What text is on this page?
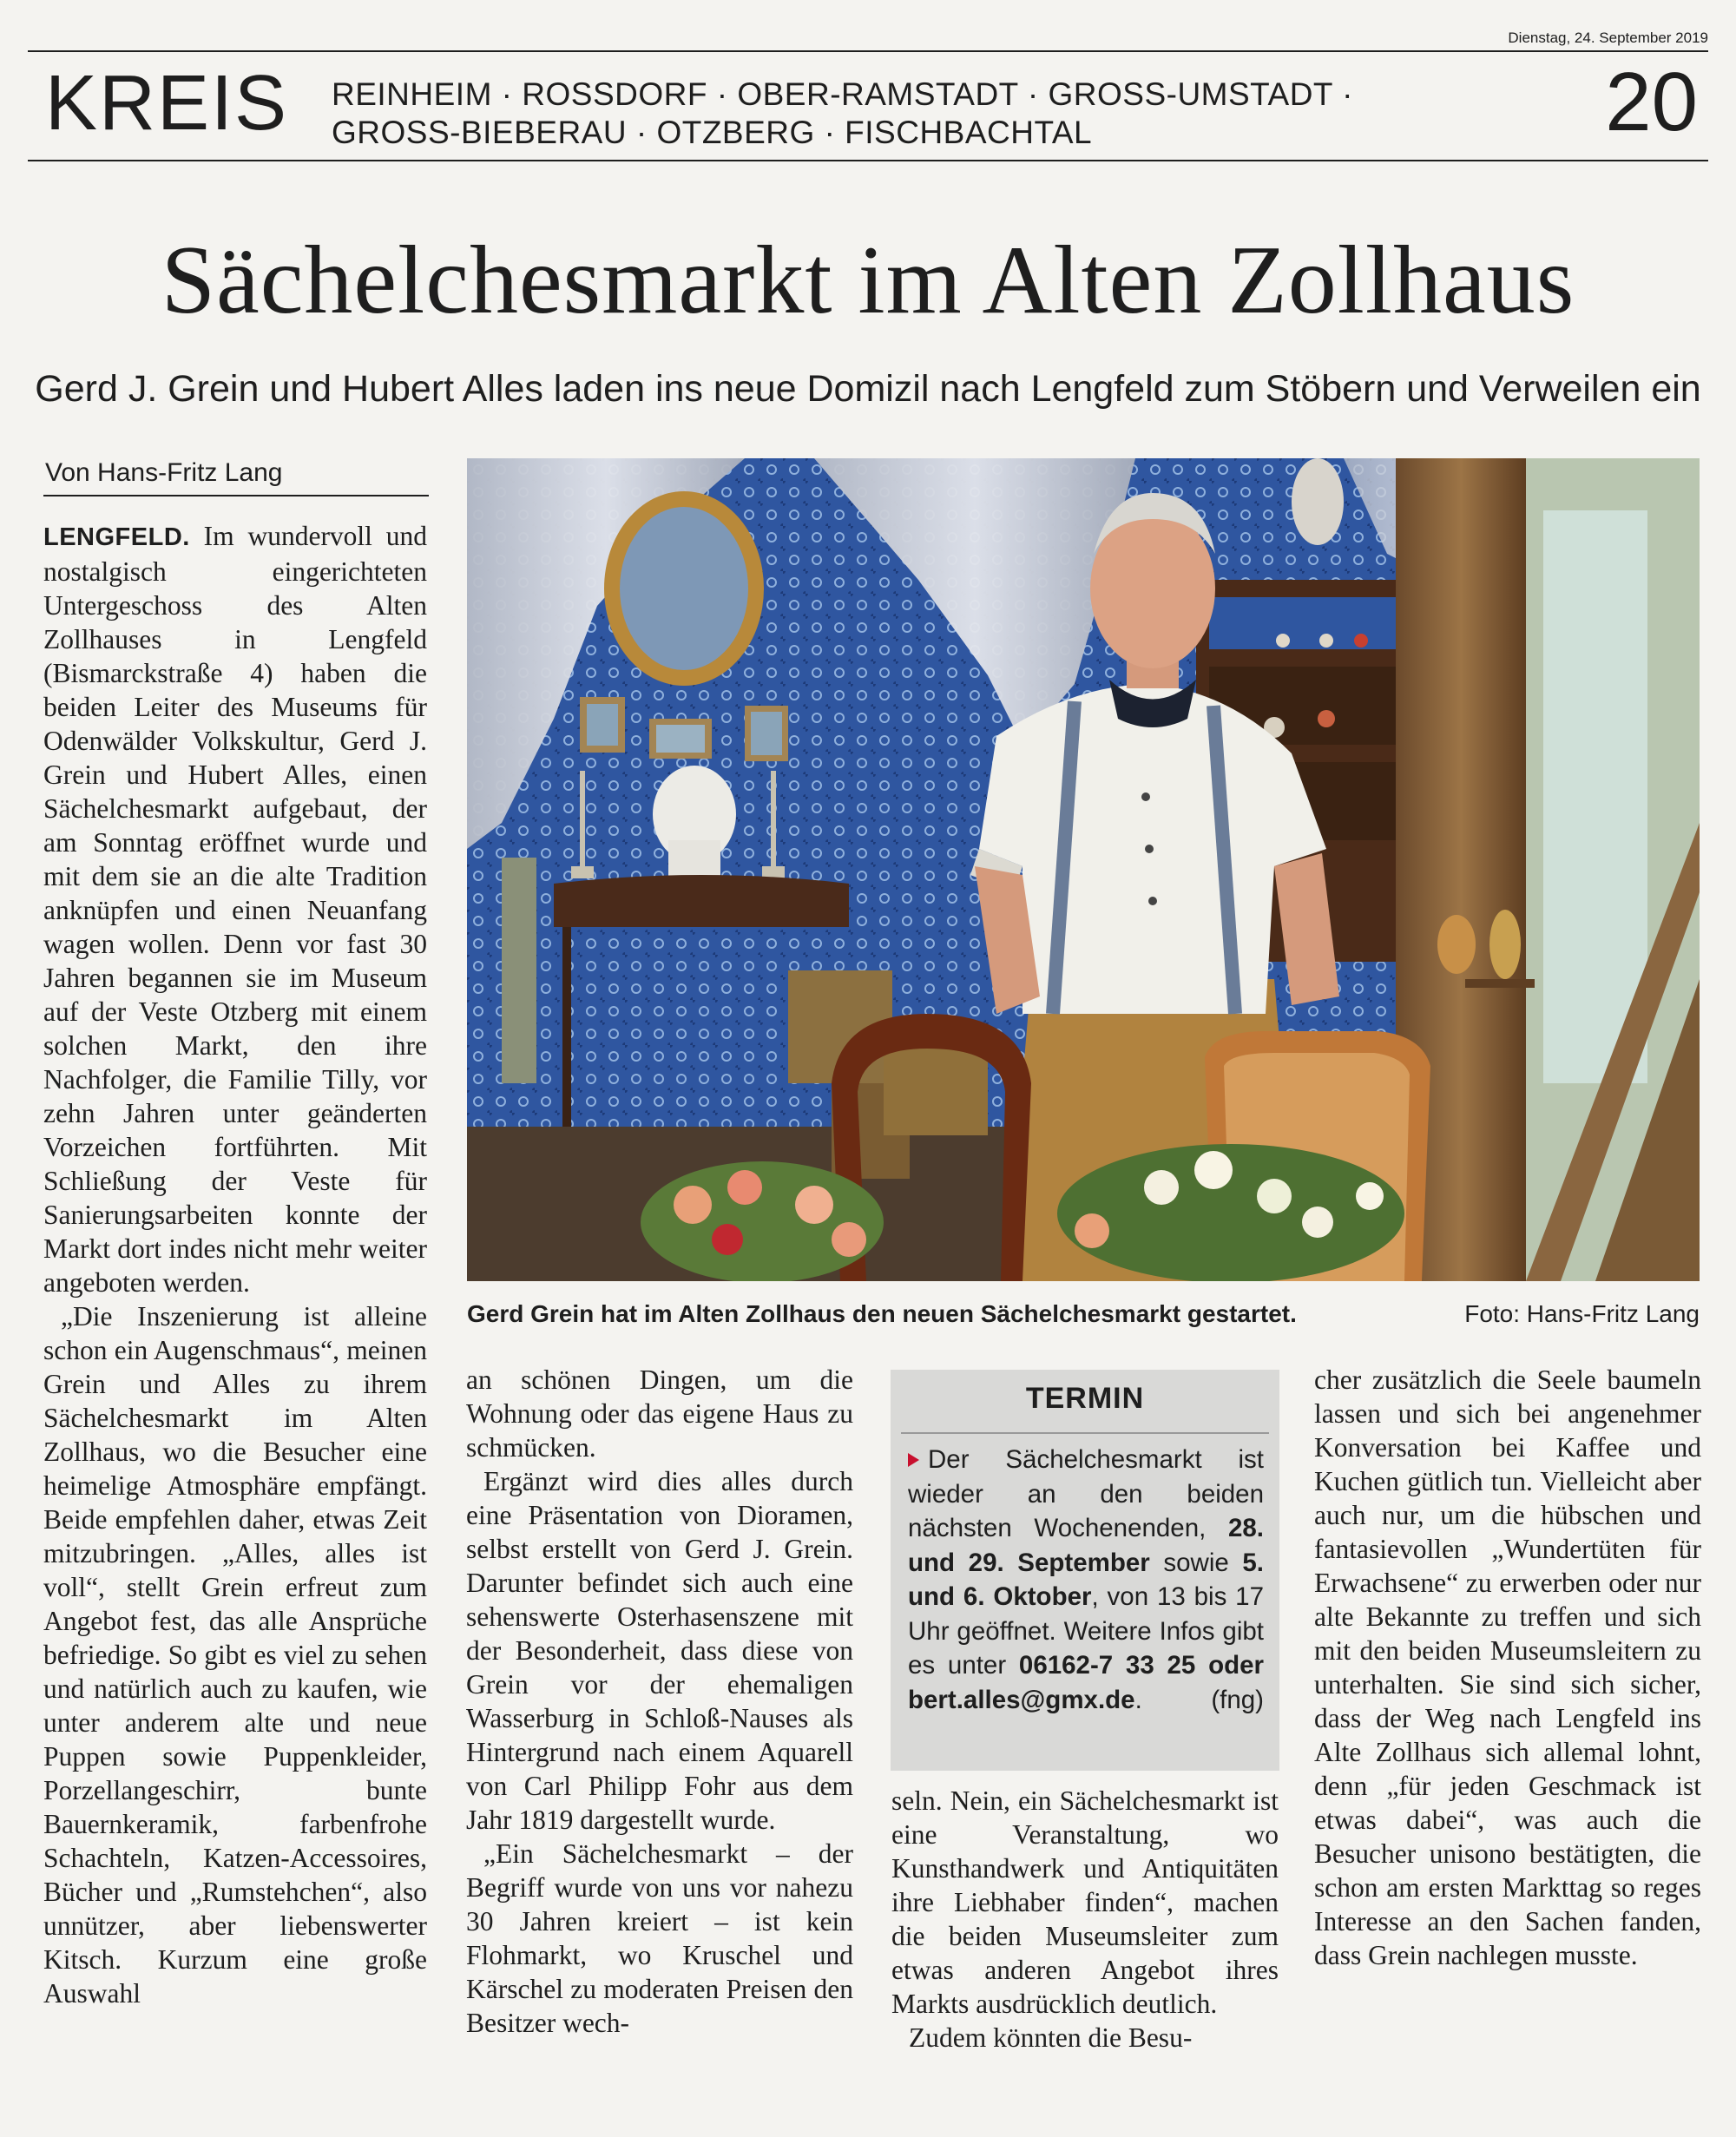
Dienstag, 24. September 2019
KREIS REINHEIM · ROSSDORF · OBER-RAMSTADT · GROSS-UMSTADT ·
GROSS-BIEBERAU · OTZBERG · FISCHBACHTAL	20
Sächelchesmarkt im Alten Zollhaus
Gerd J. Grein und Hubert Alles laden ins neue Domizil nach Lengfeld zum Stöbern und Verweilen ein
Von Hans-Fritz Lang

LENGFELD. Im wundervoll und nostalgisch eingerichteten Untergeschoss des Alten Zollhauses in Lengfeld (Bismarckstraße 4) haben die beiden Leiter des Museums für Odenwälder Volkskultur, Gerd J. Grein und Hubert Alles, einen Sächelchesmarkt aufgebaut, der am Sonntag eröffnet wurde und mit dem sie an die alte Tradition anknüpfen und einen Neuanfang wagen wollen. Denn vor fast 30 Jahren begannen sie im Museum auf der Veste Otzberg mit einem solchen Markt, den ihre Nachfolger, die Familie Tilly, vor zehn Jahren unter geänderten Vorzeichen fortführten. Mit Schließung der Veste für Sanierungsarbeiten konnte der Markt dort indes nicht mehr weiter angeboten werden.

„Die Inszenierung ist alleine schon ein Augenschmaus“, meinen Grein und Alles zu ihrem Sächelchesmarkt im Alten Zollhaus, wo die Besucher eine heimelige Atmosphäre empfängt. Beide empfehlen daher, etwas Zeit mitzubringen. „Alles, alles ist voll“, stellt Grein erfreut zum Angebot fest, das alle Ansprüche befriedige. So gibt es viel zu sehen und natürlich auch zu kaufen, wie unter anderem alte und neue Puppen sowie Puppenkleider, Porzellangeschirr, bunte Bauernkeramik, farbenfrohe Schachteln, Katzen-Accessoires, Bücher und „Rumstehchen“, also unnützer, aber liebenswerter Kitsch. Kurzum eine große Auswahl

Gerd Grein hat im Alten Zollhaus den neuen Sächelchesmarkt gestartet.	Foto: Hans-Fritz Lang

an schönen Dingen, um die Wohnung oder das eigene Haus zu schmücken.

Ergänzt wird dies alles durch eine Präsentation von Dioramen, selbst erstellt von Gerd J. Grein. Darunter befindet sich auch eine sehenswerte Osterhasenszene mit der Besonderheit, dass diese von Grein vor der ehemaligen Wasserburg in Schloß-Nauses als Hintergrund nach einem Aquarell von Carl Philipp Fohr aus dem Jahr 1819 dargestellt wurde.

„Ein Sächelchesmarkt – der Begriff wurde von uns vor nahezu 30 Jahren kreiert – ist kein Flohmarkt, wo Kruschel und Kärschel zu moderaten Preisen den Besitzer wech-

TERMIN
Der Sächelchesmarkt ist wieder an den beiden nächsten Wochenenden, 28. und 29. September sowie 5. und 6. Oktober, von 13 bis 17 Uhr geöffnet. Weitere Infos gibt es unter 06162-7 33 25 oder bert.alles@gmx.de.	(fng)

seln. Nein, ein Sächelchesmarkt ist eine Veranstaltung, wo Kunsthandwerk und Antiquitäten ihre Liebhaber finden“, machen die beiden Museumsleiter zum etwas anderen Angebot ihres Markts ausdrücklich deutlich.

Zudem könnten die Besu-

cher zusätzlich die Seele baumeln lassen und sich bei angenehmer Konversation bei Kaffee und Kuchen gütlich tun. Vielleicht aber auch nur, um die hübschen und fantasievollen „Wundertüten für Erwachsene“ zu erwerben oder nur alte Bekannte zu treffen und sich mit den beiden Museumsleitern zu unterhalten. Sie sind sich sicher, dass der Weg nach Lengfeld ins Alte Zollhaus sich allemal lohnt, denn „für jeden Geschmack ist etwas dabei“, was auch die Besucher unisono bestätigten, die schon am ersten Markttag so reges Interesse an den Sachen fanden, dass Grein nachlegen musste.
